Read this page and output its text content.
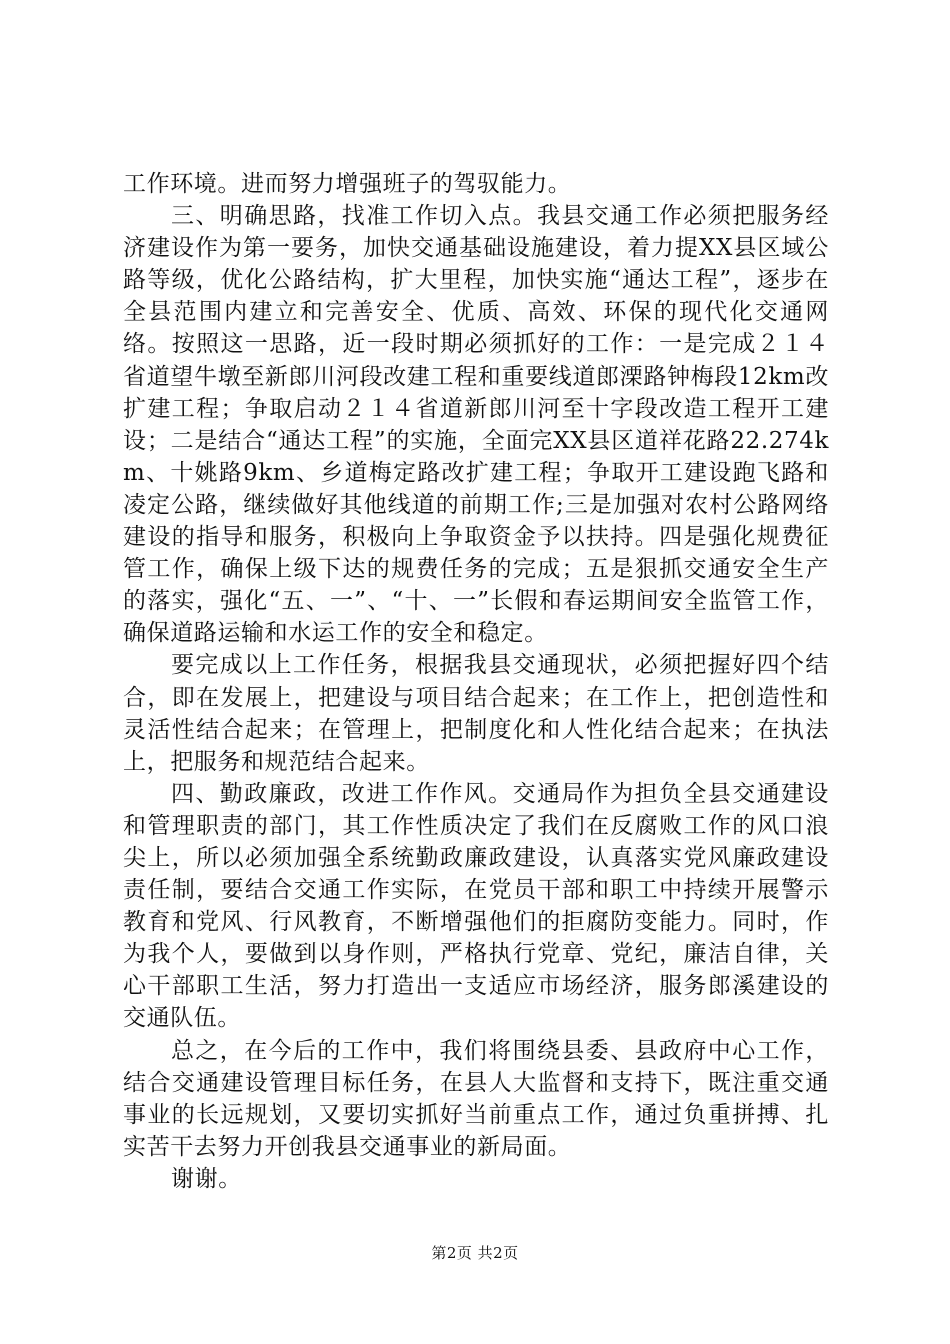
工作环境。进而努力增强班子的驾驭能力。

三、明确思路，找准工作切入点。我县交通工作必须把服务经济建设作为第一要务，加快交通基础设施建设，着力提XX县区域公路等级，优化公路结构，扩大里程，加快实施“通达工程”，逐步在全县范围内建立和完善安全、优质、高效、环保的现代化交通网络。按照这一思路，近一段时期必须抓好的工作：一是完成２１４省道望牛墩至新郎川河段改建工程和重要线道郎溧路钟梅段12km改扩建工程；争取启动２１４省道新郎川河至十字段改造工程开工建设；二是结合“通达工程”的实施，全面完XX县区道祥花路22.274km、十姚路9km、乡道梅定路改扩建工程；争取开工建设跑飞路和凌定公路，继续做好其他线道的前期工作;三是加强对农村公路网络建设的指导和服务，积极向上争取资金予以扶持。四是强化规费征管工作，确保上级下达的规费任务的完成；五是狠抓交通安全生产的落实，强化“五、一”、“十、一”长假和春运期间安全监管工作，确保道路运输和水运工作的安全和稳定。

要完成以上工作任务，根据我县交通现状，必须把握好四个结合，即在发展上，把建设与项目结合起来；在工作上，把创造性和灵活性结合起来；在管理上，把制度化和人性化结合起来；在执法上，把服务和规范结合起来。

四、勤政廉政，改进工作作风。交通局作为担负全县交通建设和管理职责的部门，其工作性质决定了我们在反腐败工作的风口浪尖上，所以必须加强全系统勤政廉政建设，认真落实党风廉政建设责任制，要结合交通工作实际，在党员干部和职工中持续开展警示教育和党风、行风教育，不断增强他们的拒腐防变能力。同时，作为我个人，要做到以身作则，严格执行党章、党纪，廉洁自律，关心干部职工生活，努力打造出一支适应市场经济，服务郎溪建设的交通队伍。

总之，在今后的工作中，我们将围绕县委、县政府中心工作，结合交通建设管理目标任务，在县人大监督和支持下，既注重交通事业的长远规划，又要切实抓好当前重点工作，通过负重拼搏、扎实苦干去努力开创我县交通事业的新局面。

谢谢。

第2页 共2页
